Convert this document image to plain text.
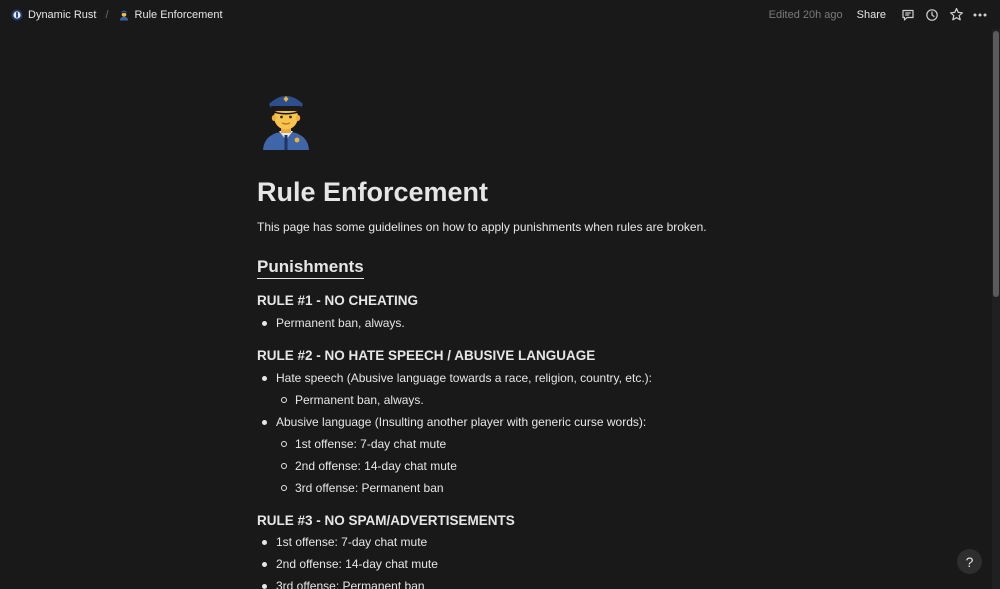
Dynamic Rust / Rule Enforcement	Edited 20h ago Share
Rule Enforcement

This page has some guidelines on how to apply punishments when rules are broken.

Punishments
RULE #1 - NO CHEATING
Permanent ban, always.
RULE #2 - NO HATE SPEECH / ABUSIVE LANGUAGE
Hate speech (Abusive language towards a race, religion, country, etc.):
Permanent ban, always.
Abusive language (Insulting another player with generic curse words):
1st offense: 7-day chat mute
2nd offense: 14-day chat mute
3rd offense: Permanent ban
RULE #3 - NO SPAM/ADVERTISEMENTS
1st offense: 7-day chat mute
2nd offense: 14-day chat mute
3rd offense: Permanent ban
?
